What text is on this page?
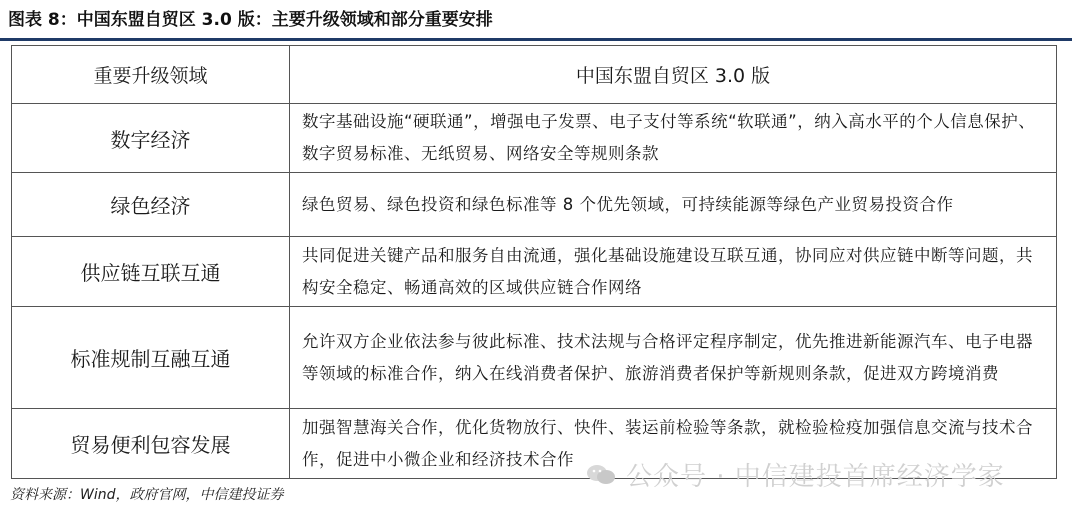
图表 8：中国东盟自贸区 3.0 版：主要升级领域和部分重要安排
重要升级领域	中国东盟自贸区 3.0 版
数字经济	数字基础设施“硬联通”，增强电子发票、电子支付等系统“软联通”，纳入高水平的个人信息保护、数字贸易标准、无纸贸易、网络安全等规则条款
绿色经济	绿色贸易、绿色投资和绿色标准等 8 个优先领域，可持续能源等绿色产业贸易投资合作
供应链互联互通	共同促进关键产品和服务自由流通，强化基础设施建设互联互通，协同应对供应链中断等问题，共构安全稳定、畅通高效的区域供应链合作网络
标准规制互融互通	允许双方企业依法参与彼此标准、技术法规与合格评定程序制定，优先推进新能源汽车、电子电器等领域的标准合作，纳入在线消费者保护、旅游消费者保护等新规则条款，促进双方跨境消费
贸易便利包容发展	加强智慧海关合作，优化货物放行、快件、装运前检验等条款，就检验检疫加强信息交流与技术合作，促进中小微企业和经济技术合作
资料来源：Wind，政府官网，中信建投证券
公众号 · 中信建投首席经济学家
